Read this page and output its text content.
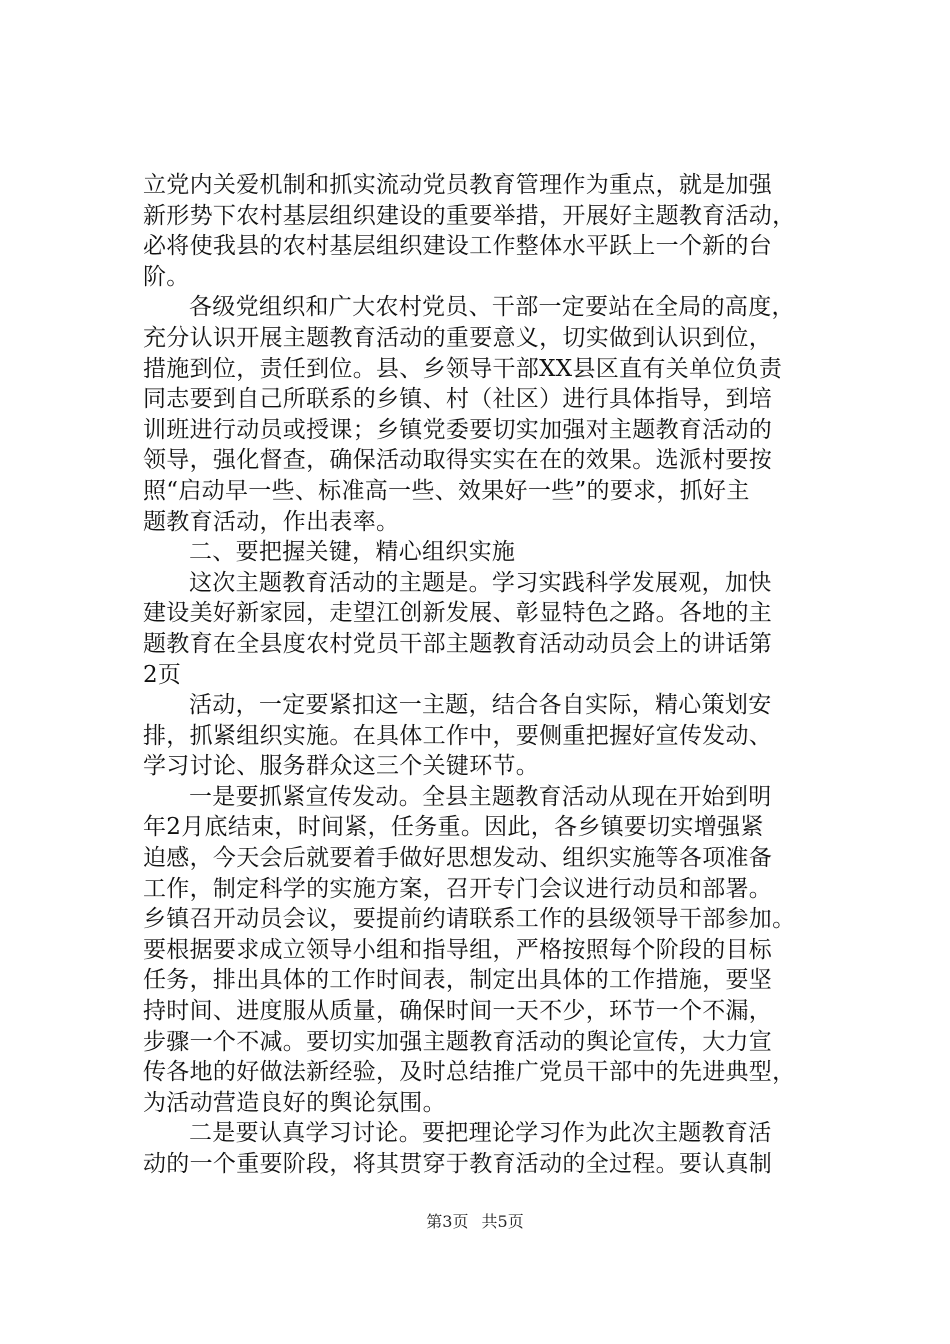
立党内关爱机制和抓实流动党员教育管理作为重点，就是加强
新形势下农村基层组织建设的重要举措，开展好主题教育活动，
必将使我县的农村基层组织建设工作整体水平跃上一个新的台
阶。
各级党组织和广大农村党员、干部一定要站在全局的高度，
充分认识开展主题教育活动的重要意义，切实做到认识到位，
措施到位，责任到位。县、乡领导干部XX县区直有关单位负责
同志要到自己所联系的乡镇、村（社区）进行具体指导，到培
训班进行动员或授课；乡镇党委要切实加强对主题教育活动的
领导，强化督查，确保活动取得实实在在的效果。选派村要按
照“启动早一些、标准高一些、效果好一些”的要求，抓好主
题教育活动，作出表率。
二、要把握关键，精心组织实施
这次主题教育活动的主题是。学习实践科学发展观，加快
建设美好新家园，走望江创新发展、彰显特色之路。各地的主
题教育在全县度农村党员干部主题教育活动动员会上的讲话第
2页
活动，一定要紧扣这一主题，结合各自实际，精心策划安
排，抓紧组织实施。在具体工作中，要侧重把握好宣传发动、
学习讨论、服务群众这三个关键环节。
一是要抓紧宣传发动。全县主题教育活动从现在开始到明
年2月底结束，时间紧，任务重。因此，各乡镇要切实增强紧
迫感，今天会后就要着手做好思想发动、组织实施等各项准备
工作，制定科学的实施方案，召开专门会议进行动员和部署。
乡镇召开动员会议，要提前约请联系工作的县级领导干部参加。
要根据要求成立领导小组和指导组，严格按照每个阶段的目标
任务，排出具体的工作时间表，制定出具体的工作措施，要坚
持时间、进度服从质量，确保时间一天不少，环节一个不漏，
步骤一个不减。要切实加强主题教育活动的舆论宣传，大力宣
传各地的好做法新经验，及时总结推广党员干部中的先进典型，
为活动营造良好的舆论氛围。
二是要认真学习讨论。要把理论学习作为此次主题教育活
动的一个重要阶段，将其贯穿于教育活动的全过程。要认真制
第3页 共5页
